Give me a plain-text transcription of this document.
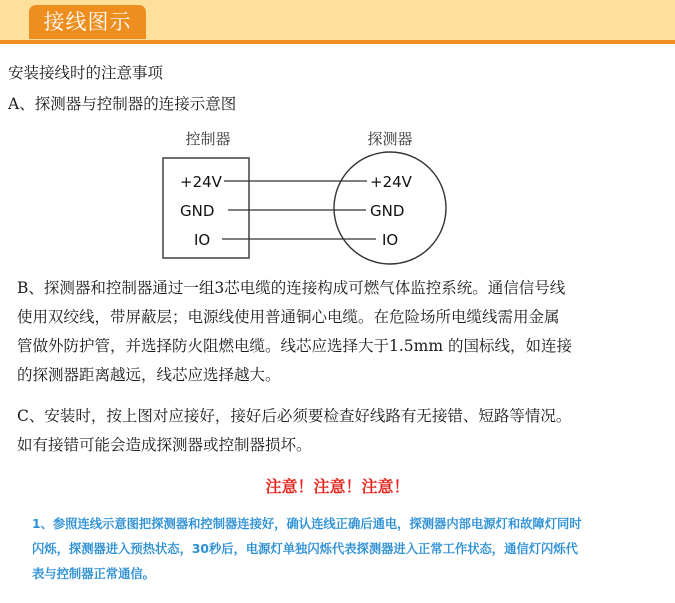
接线图示
安装接线时的注意事项
A、探测器与控制器的连接示意图
控制器	探测器
+24V
GND
IO
+24V
GND
IO
B、探测器和控制器通过一组3芯电缆的连接构成可燃气体监控系统。通信信号线
使用双绞线，带屏蔽层；电源线使用普通铜心电缆。在危险场所电缆线需用金属
管做外防护管，并选择防火阻燃电缆。线芯应选择大于1.5mm 的国标线，如连接
的探测器距离越远，线芯应选择越大。
C、安装时，按上图对应接好，接好后必须要检查好线路有无接错、短路等情况。
如有接错可能会造成探测器或控制器损坏。
注意！注意！注意！
1、参照连线示意图把探测器和控制器连接好，确认连线正确后通电，探测器内部电源灯和故障灯同时
闪烁，探测器进入预热状态，30秒后，电源灯单独闪烁代表探测器进入正常工作状态，通信灯闪烁代
表与控制器正常通信。
